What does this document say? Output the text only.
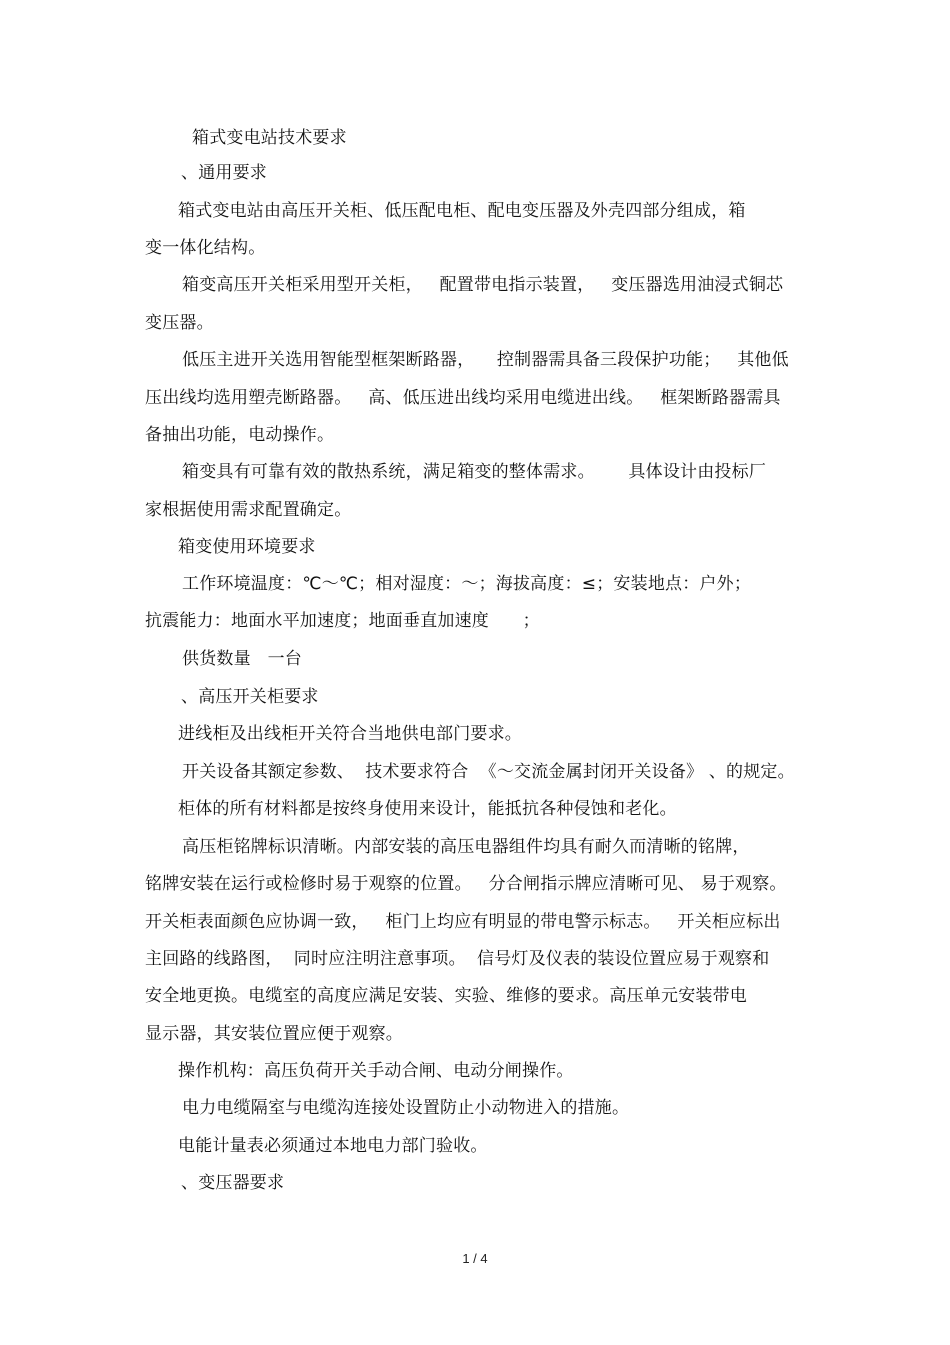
箱式变电站技术要求
、通用要求
箱式变电站由高压开关柜、低压配电柜、配电变压器及外壳四部分组成，箱
变一体化结构。
箱变高压开关柜采用型开关柜，   配置带电指示装置，   变压器选用油浸式铜芯
变压器。
低压主进开关选用智能型框架断路器，    控制器需具备三段保护功能；   其他低
压出线均选用塑壳断路器。   高、低压进出线均采用电缆进出线。   框架断路器需具
备抽出功能，电动操作。
箱变具有可靠有效的散热系统，满足箱变的整体需求。      具体设计由投标厂
家根据使用需求配置确定。
箱变使用环境要求
工作环境温度：℃～℃；相对湿度：～；海拔高度：≤；安装地点：户外；
抗震能力：地面水平加速度；地面垂直加速度      ；
供货数量   一台
、高压开关柜要求
进线柜及出线柜开关符合当地供电部门要求。
开关设备其额定参数、  技术要求符合  《～交流金属封闭开关设备》 、的规定。
柜体的所有材料都是按终身使用来设计，能抵抗各种侵蚀和老化。
高压柜铭牌标识清晰。内部安装的高压电器组件均具有耐久而清晰的铭牌，
铭牌安装在运行或检修时易于观察的位置。   分合闸指示牌应清晰可见、 易于观察。
开关柜表面颜色应协调一致，   柜门上均应有明显的带电警示标志。   开关柜应标出
主回路的线路图，  同时应注明注意事项。  信号灯及仪表的装设位置应易于观察和
安全地更换。电缆室的高度应满足安装、实验、维修的要求。高压单元安装带电
显示器，其安装位置应便于观察。
操作机构：高压负荷开关手动合闸、电动分闸操作。
电力电缆隔室与电缆沟连接处设置防止小动物进入的措施。
电能计量表必须通过本地电力部门验收。
、变压器要求
1 / 4
